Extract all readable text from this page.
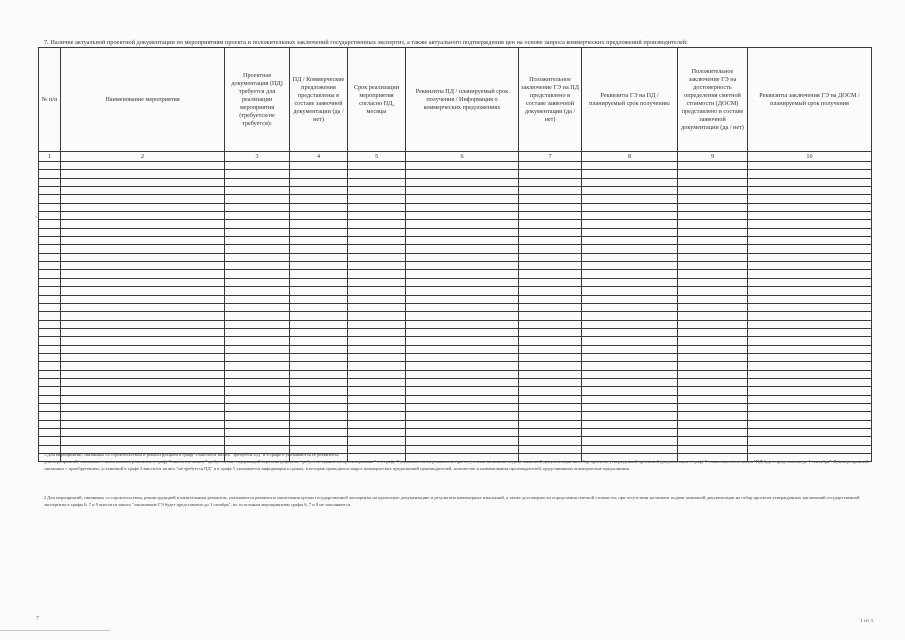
7. Наличие актуальной проектной документации по мероприятиям проекта и положительных заключений государственных экспертиз, а также актуального подтверждения цен на основе запроса коммерческих предложений производителей:
№ п/п	Наименование мероприятия	Проектная документация (ПД) требуется для реализации мероприятия (требуется/не требуется)$^1$	ПД / Коммерческие предложения представлены в составе заявочной документации (да /нет)	Срок реализации мероприятия согласно ПД, месяцы	Реквизиты ПД / планируемый срок получения / Информация о коммерческих предложениях	Положительное заключение ГЭ на ПД представлено в составе заявочной документации (да /нет)	Реквизиты ГЭ на ПД / планируемый срок получения$^2$	Положительное заключение ГЭ на достоверность определения сметной стоимости (ДОСМ) представлено в составе заявочной документации (да / нет)	Реквизиты заключения ГЭ на ДОСМ / планируемый срок получения
1	2	3	4	5	6	7	8	9	10

•
$^1$ Для мероприятий, связанных со строительством и реконструкцией в графу 3 вносится запись "требуется ПД" и в графе 6 указываются ее реквизиты;
для мероприятий, связанных с капитальным ремонтом, в графу 3 вносится запись "требуется акт, содержащий перечень дефектов; требуется задание на проектирование" и в графе 5 указываются их реквизиты; при отсутствии на момент подачи заявочной документации на отбор проектов утвержденной проектной документации в графу 5 также вносится запись "ПД будет представлена до 1 сентября". Для мероприятий, связанных с приобретением, установкой в графе 3 вносится запись "не требуется ПД" и в графе 5 указывается информация о сроках, в которые проводился запрос коммерческих предложений производителей, количестве и наименовании производителей, представивших коммерческие предложения.
$^2$ Для мероприятий, связанных со строительством, реконструкцией и капитальным ремонтом, указываются реквизиты заключения органа государственной экспертизы на проектную документацию и результаты инженерных изысканий, а также достоверности определения сметной стоимости; при отсутствии на момент подачи заявочной документации на отбор проектов утвержденных заключений государственной экспертизы в графы 6, 7 и 9 вносится запись "заключение ГЭ будет представлено до 1 октября", по остальным мероприятиям графы 6, 7 и 9 не заполняются.
7	1 из 1
